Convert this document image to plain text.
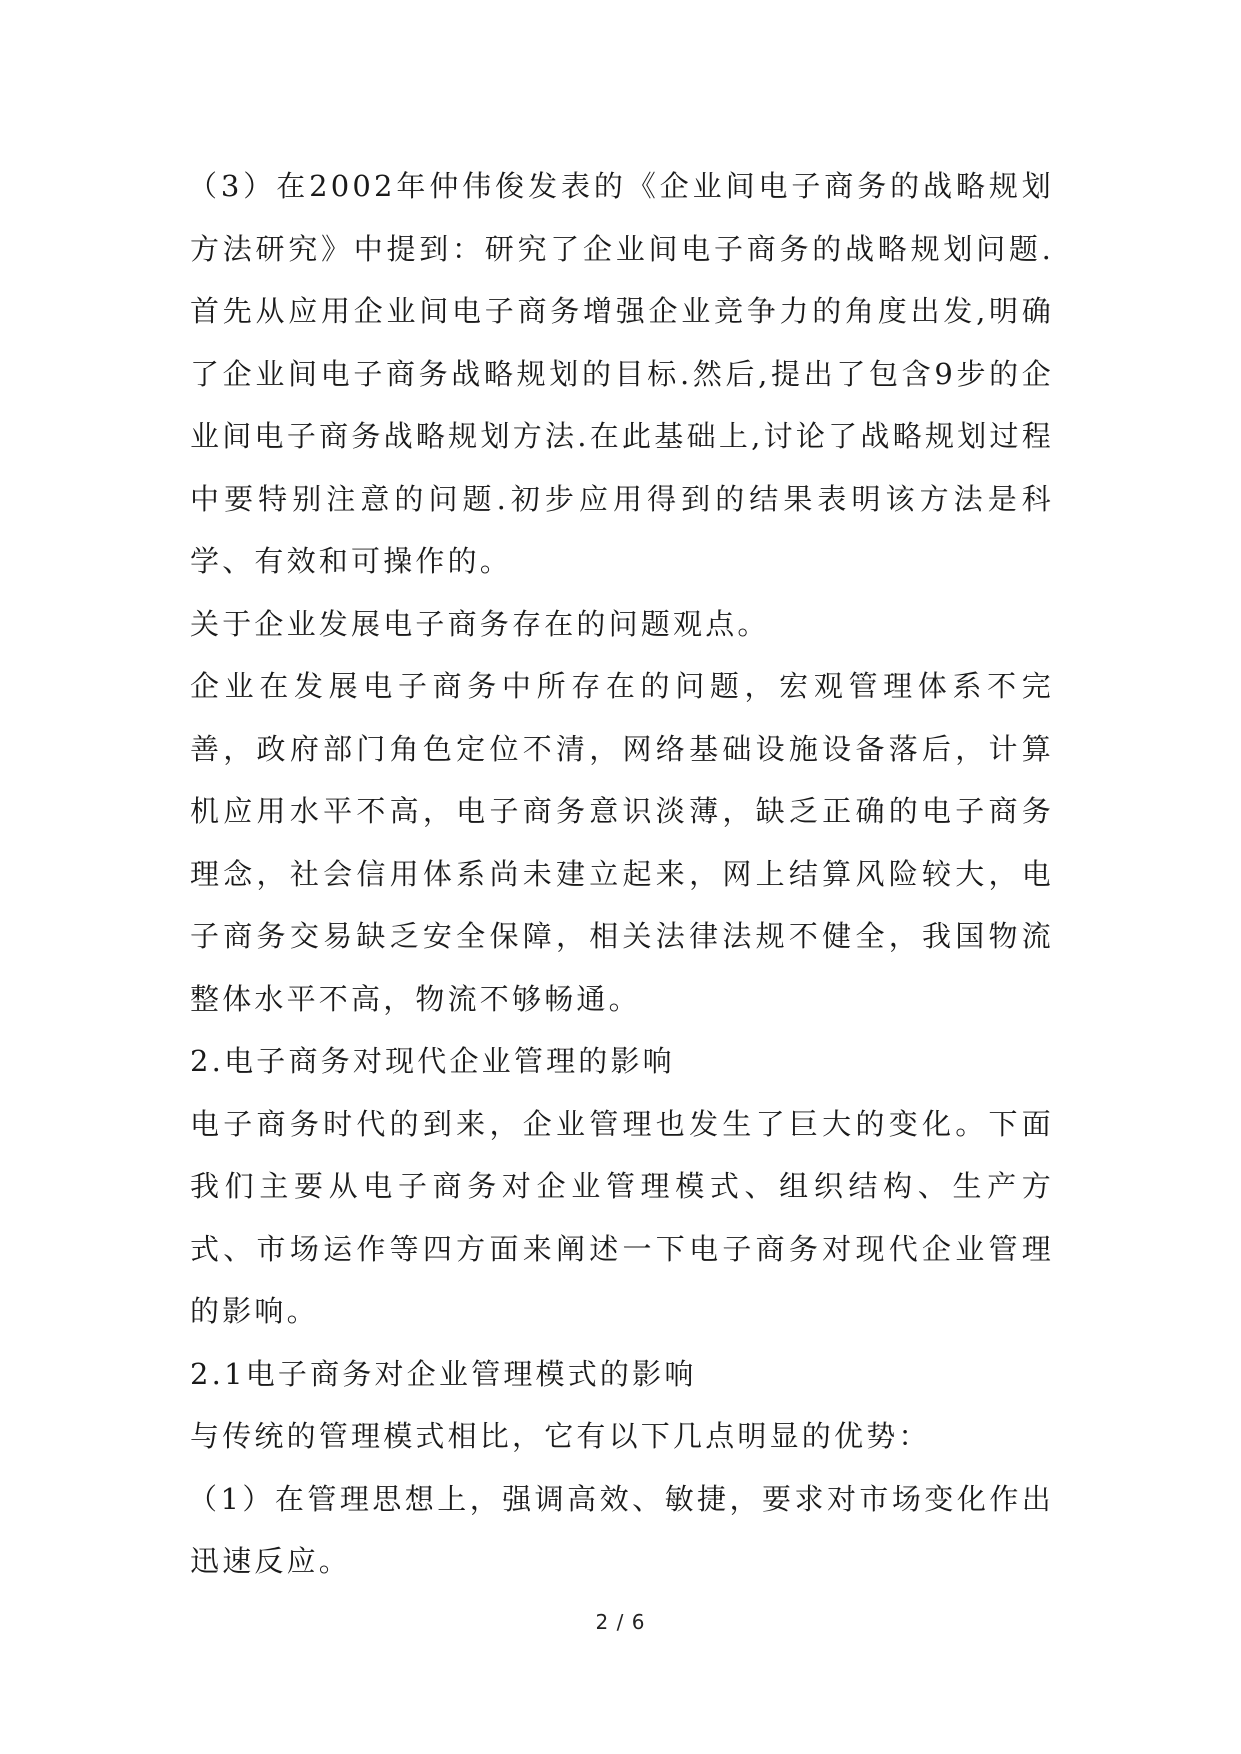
（3）在2002年仲伟俊发表的《企业间电子商务的战略规划方法研究》中提到：研究了企业间电子商务的战略规划问题.首先从应用企业间电子商务增强企业竞争力的角度出发,明确了企业间电子商务战略规划的目标.然后,提出了包含9步的企业间电子商务战略规划方法.在此基础上,讨论了战略规划过程中要特别注意的问题.初步应用得到的结果表明该方法是科学、有效和可操作的。

关于企业发展电子商务存在的问题观点。

企业在发展电子商务中所存在的问题，宏观管理体系不完善，政府部门角色定位不清，网络基础设施设备落后，计算机应用水平不高，电子商务意识淡薄，缺乏正确的电子商务理念，社会信用体系尚未建立起来，网上结算风险较大，电子商务交易缺乏安全保障，相关法律法规不健全，我国物流整体水平不高，物流不够畅通。

2.电子商务对现代企业管理的影响

电子商务时代的到来，企业管理也发生了巨大的变化。下面我们主要从电子商务对企业管理模式、组织结构、生产方式、市场运作等四方面来阐述一下电子商务对现代企业管理的影响。

2.1电子商务对企业管理模式的影响

与传统的管理模式相比，它有以下几点明显的优势：

（1）在管理思想上，强调高效、敏捷，要求对市场变化作出迅速反应。

2 / 6
